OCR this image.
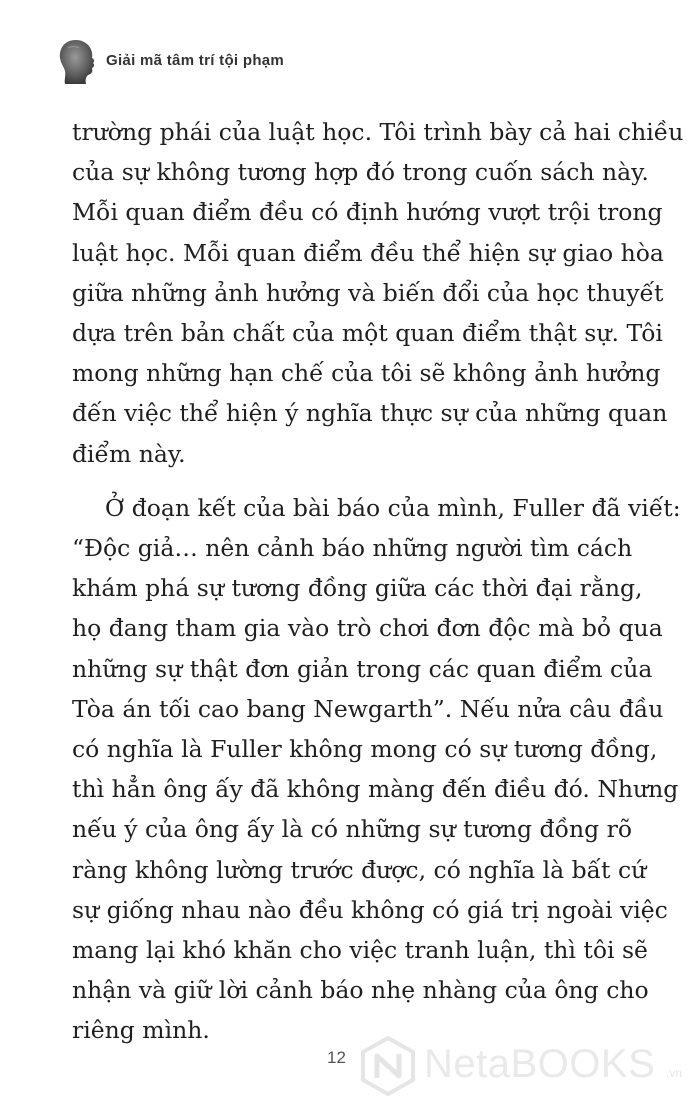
Giải mã tâm trí tội phạm

trường phái của luật học. Tôi trình bày cả hai chiều
của sự không tương hợp đó trong cuốn sách này.
Mỗi quan điểm đều có định hướng vượt trội trong
luật học. Mỗi quan điểm đều thể hiện sự giao hòa
giữa những ảnh hưởng và biến đổi của học thuyết
dựa trên bản chất của một quan điểm thật sự. Tôi
mong những hạn chế của tôi sẽ không ảnh hưởng
đến việc thể hiện ý nghĩa thực sự của những quan
điểm này.

Ở đoạn kết của bài báo của mình, Fuller đã viết:
“Độc giả… nên cảnh báo những người tìm cách
khám phá sự tương đồng giữa các thời đại rằng,
họ đang tham gia vào trò chơi đơn độc mà bỏ qua
những sự thật đơn giản trong các quan điểm của
Tòa án tối cao bang Newgarth”. Nếu nửa câu đầu
có nghĩa là Fuller không mong có sự tương đồng,
thì hẳn ông ấy đã không màng đến điều đó. Nhưng
nếu ý của ông ấy là có những sự tương đồng rõ
ràng không lường trước được, có nghĩa là bất cứ
sự giống nhau nào đều không có giá trị ngoài việc
mang lại khó khăn cho việc tranh luận, thì tôi sẽ
nhận và giữ lời cảnh báo nhẹ nhàng của ông cho
riêng mình.

12 NetaBOOKS .vn
